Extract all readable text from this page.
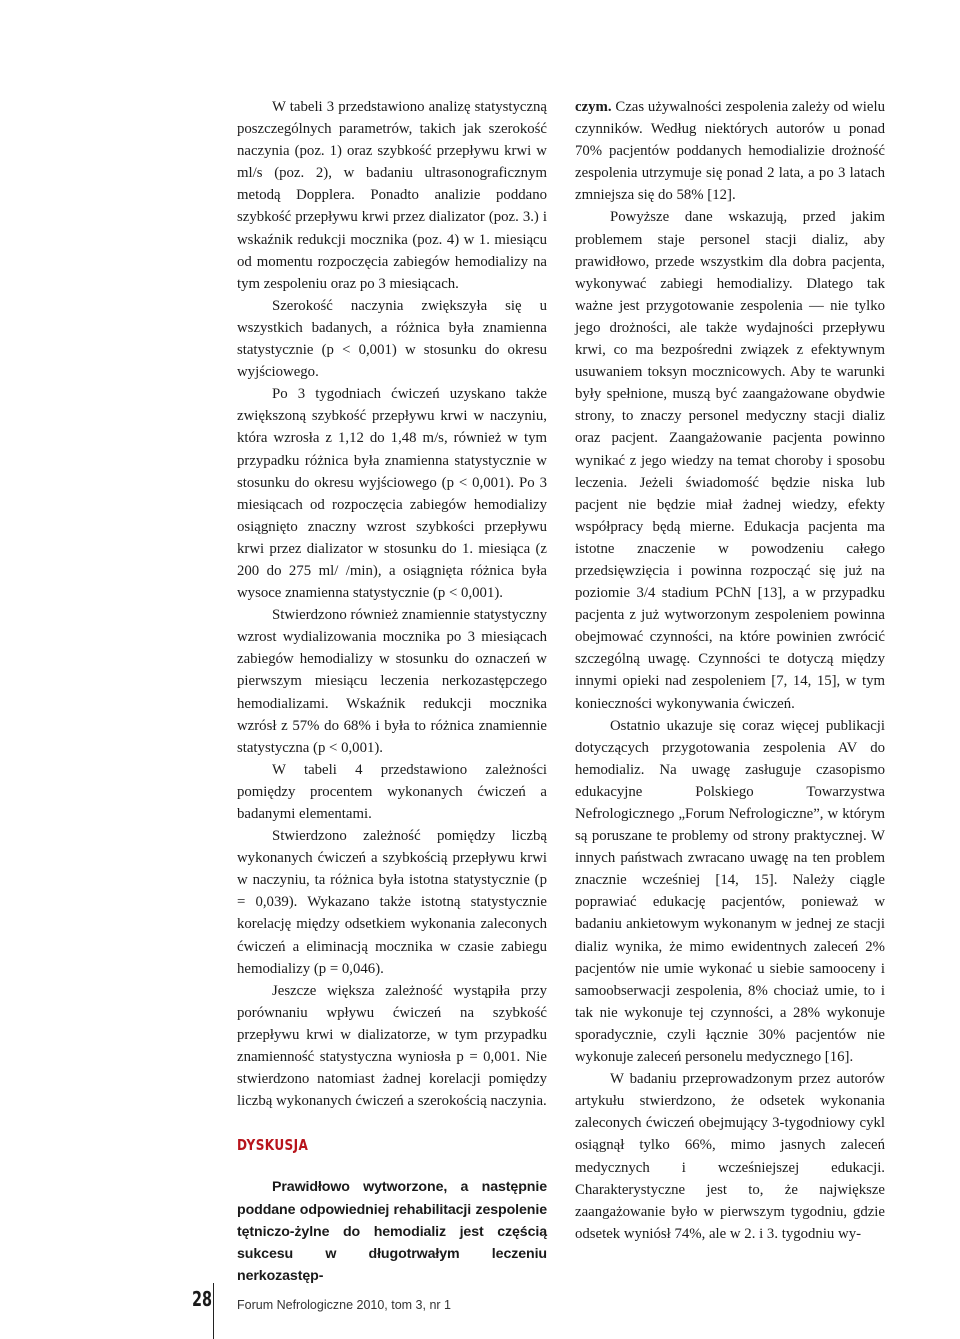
W tabeli 3 przedstawiono analizę statystyczną poszczególnych parametrów, takich jak szerokość naczynia (poz. 1) oraz szybkość przepływu krwi w ml/s (poz. 2), w badaniu ultrasonograficznym metodą Dopplera. Ponadto analizie poddano szybkość przepływu krwi przez dializator (poz. 3.) i wskaźnik redukcji mocznika (poz. 4) w 1. miesiącu od momentu rozpoczęcia zabiegów hemodializy na tym zespoleniu oraz po 3 miesiącach.

Szerokość naczynia zwiększyła się u wszystkich badanych, a różnica była znamienna statystycznie (p < 0,001) w stosunku do okresu wyjściowego.

Po 3 tygodniach ćwiczeń uzyskano także zwiększoną szybkość przepływu krwi w naczyniu, która wzrosła z 1,12 do 1,48 m/s, również w tym przypadku różnica była znamienna statystycznie w stosunku do okresu wyjściowego (p < 0,001). Po 3 miesiącach od rozpoczęcia zabiegów hemodializy osiągnięto znaczny wzrost szybkości przepływu krwi przez dializator w stosunku do 1. miesiąca (z 200 do 275 ml/ /min), a osiągnięta różnica była wysoce znamienna statystycznie (p < 0,001).

Stwierdzono również znamiennie statystyczny wzrost wydializowania mocznika po 3 miesiącach zabiegów hemodializy w stosunku do oznaczeń w pierwszym miesiącu leczenia nerkozastępczego hemodializami. Wskaźnik redukcji mocznika wzrósł z 57% do 68% i była to różnica znamiennie statystyczna (p < 0,001).

W tabeli 4 przedstawiono zależności pomiędzy procentem wykonanych ćwiczeń a badanymi elementami.

Stwierdzono zależność pomiędzy liczbą wykonanych ćwiczeń a szybkością przepływu krwi w naczyniu, ta różnica była istotna statystycznie (p = 0,039). Wykazano także istotną statystycznie korelację między odsetkiem wykonania zaleconych ćwiczeń a eliminacją mocznika w czasie zabiegu hemodializy (p = 0,046).

Jeszcze większa zależność wystąpiła przy porównaniu wpływu ćwiczeń na szybkość przepływu krwi w dializatorze, w tym przypadku znamienność statystyczna wyniosła p = 0,001. Nie stwierdzono natomiast żadnej korelacji pomiędzy liczbą wykonanych ćwiczeń a szerokością naczynia.

DYSKUSJA

Prawidłowo wytworzone, a następnie poddane odpowiedniej rehabilitacji zespolenie tętniczo-żylne do hemodializ jest częścią sukcesu w długotrwałym leczeniu nerkozastęp-

czym. Czas używalności zespolenia zależy od wielu czynników. Według niektórych autorów u ponad 70% pacjentów poddanych hemodializie drożność zespolenia utrzymuje się ponad 2 lata, a po 3 latach zmniejsza się do 58% [12].

Powyższe dane wskazują, przed jakim problemem staje personel stacji dializ, aby prawidłowo, przede wszystkim dla dobra pacjenta, wykonywać zabiegi hemodializy. Dlatego tak ważne jest przygotowanie zespolenia — nie tylko jego drożności, ale także wydajności przepływu krwi, co ma bezpośredni związek z efektywnym usuwaniem toksyn mocznicowych. Aby te warunki były spełnione, muszą być zaangażowane obydwie strony, to znaczy personel medyczny stacji dializ oraz pacjent. Zaangażowanie pacjenta powinno wynikać z jego wiedzy na temat choroby i sposobu leczenia. Jeżeli świadomość będzie niska lub pacjent nie będzie miał żadnej wiedzy, efekty współpracy będą mierne. Edukacja pacjenta ma istotne znaczenie w powodzeniu całego przedsięwzięcia i powinna rozpocząć się już na poziomie 3/4 stadium PChN [13], a w przypadku pacjenta z już wytworzonym zespoleniem powinna obejmować czynności, na które powinien zwrócić szczególną uwagę. Czynności te dotyczą między innymi opieki nad zespoleniem [7, 14, 15], w tym konieczności wykonywania ćwiczeń.

Ostatnio ukazuje się coraz więcej publikacji dotyczących przygotowania zespolenia AV do hemodializ. Na uwagę zasługuje czasopismo edukacyjne Polskiego Towarzystwa Nefrologicznego „Forum Nefrologiczne”, w którym są poruszane te problemy od strony praktycznej. W innych państwach zwracano uwagę na ten problem znacznie wcześniej [14, 15]. Należy ciągle poprawiać edukację pacjentów, ponieważ w badaniu ankietowym wykonanym w jednej ze stacji dializ wynika, że mimo ewidentnych zaleceń 2% pacjentów nie umie wykonać u siebie samooceny i samoobserwacji zespolenia, 8% chociaż umie, to i tak nie wykonuje tej czynności, a 28% wykonuje sporadycznie, czyli łącznie 30% pacjentów nie wykonuje zaleceń personelu medycznego [16].

W badaniu przeprowadzonym przez autorów artykułu stwierdzono, że odsetek wykonania zaleconych ćwiczeń obejmujący 3-tygodniowy cykl osiągnął tylko 66%, mimo jasnych zaleceń medycznych i wcześniejszej edukacji. Charakterystyczne jest to, że największe zaangażowanie było w pierwszym tygodniu, gdzie odsetek wyniósł 74%, ale w 2. i 3. tygodniu wy-

28 Forum Nefrologiczne 2010, tom 3, nr 1
